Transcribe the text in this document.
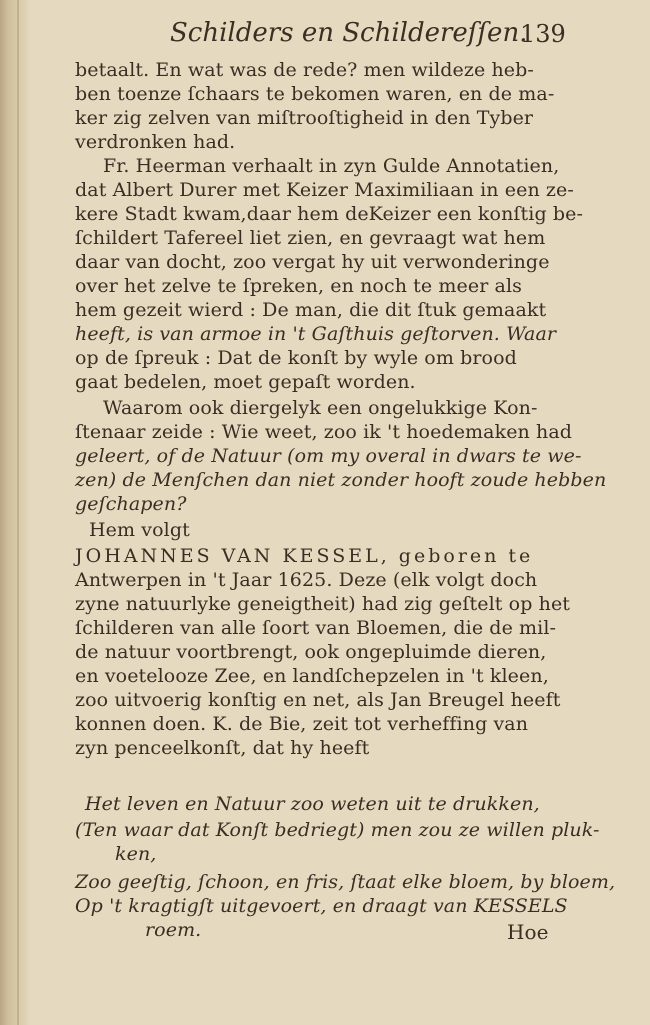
Schilders en Schildereſſen.
139
betaalt. En wat was de rede? men wildeze heb-
ben toenze ſchaars te bekomen waren, en de ma-
ker zig zelven van miſtrooſtigheid in den Tyber
verdronken had.
Fr. Heerman verhaalt in zyn Gulde Annotatien,
dat Albert Durer met Keizer Maximiliaan in een ze-
kere Stadt kwam,daar hem deKeizer een konſtig be-
ſchildert Tafereel liet zien, en gevraagt wat hem
daar van docht, zoo vergat hy uit verwonderinge
over het zelve te ſpreken, en noch te meer als
hem gezeit wierd : De man, die dit ſtuk gemaakt
heeft, is van armoe in 't Gaſthuis geſtorven. Waar
op de ſpreuk : Dat de konſt by wyle om brood
gaat bedelen, moet gepaſt worden.
Waarom ook diergelyk een ongelukkige Kon-
ſtenaar zeide : Wie weet, zoo ik 't hoedemaken had
geleert, of de Natuur (om my overal in dwars te we-
zen) de Menſchen dan niet zonder hooft zoude hebben
geſchapen?
Hem volgt
JOHANNES VAN KESSEL, geboren te
Antwerpen in 't Jaar 1625. Deze (elk volgt doch
zyne natuurlyke geneigtheit) had zig geſtelt op het
ſchilderen van alle ſoort van Bloemen, die de mil-
de natuur voortbrengt, ook ongepluimde dieren,
en voeteloozе Zee, en landſchepzelen in 't kleen,
zoo uitvoerig konſtig en net, als Jan Breugel heeft
konnen doen. K. de Bie, zeit tot verheffing van
zyn penceelkonſt, dat hy heeft
Het leven en Natuur zoo weten uit te drukken,
(Ten waar dat Konſt bedriegt) men zou ze willen pluk-
ken,
Zoo geeſtig, ſchoon, en fris, ſtaat elke bloem, by bloem,
Op 't kragtigſt uitgevoert, en draagt van KESSELS
roem.	Hoe
